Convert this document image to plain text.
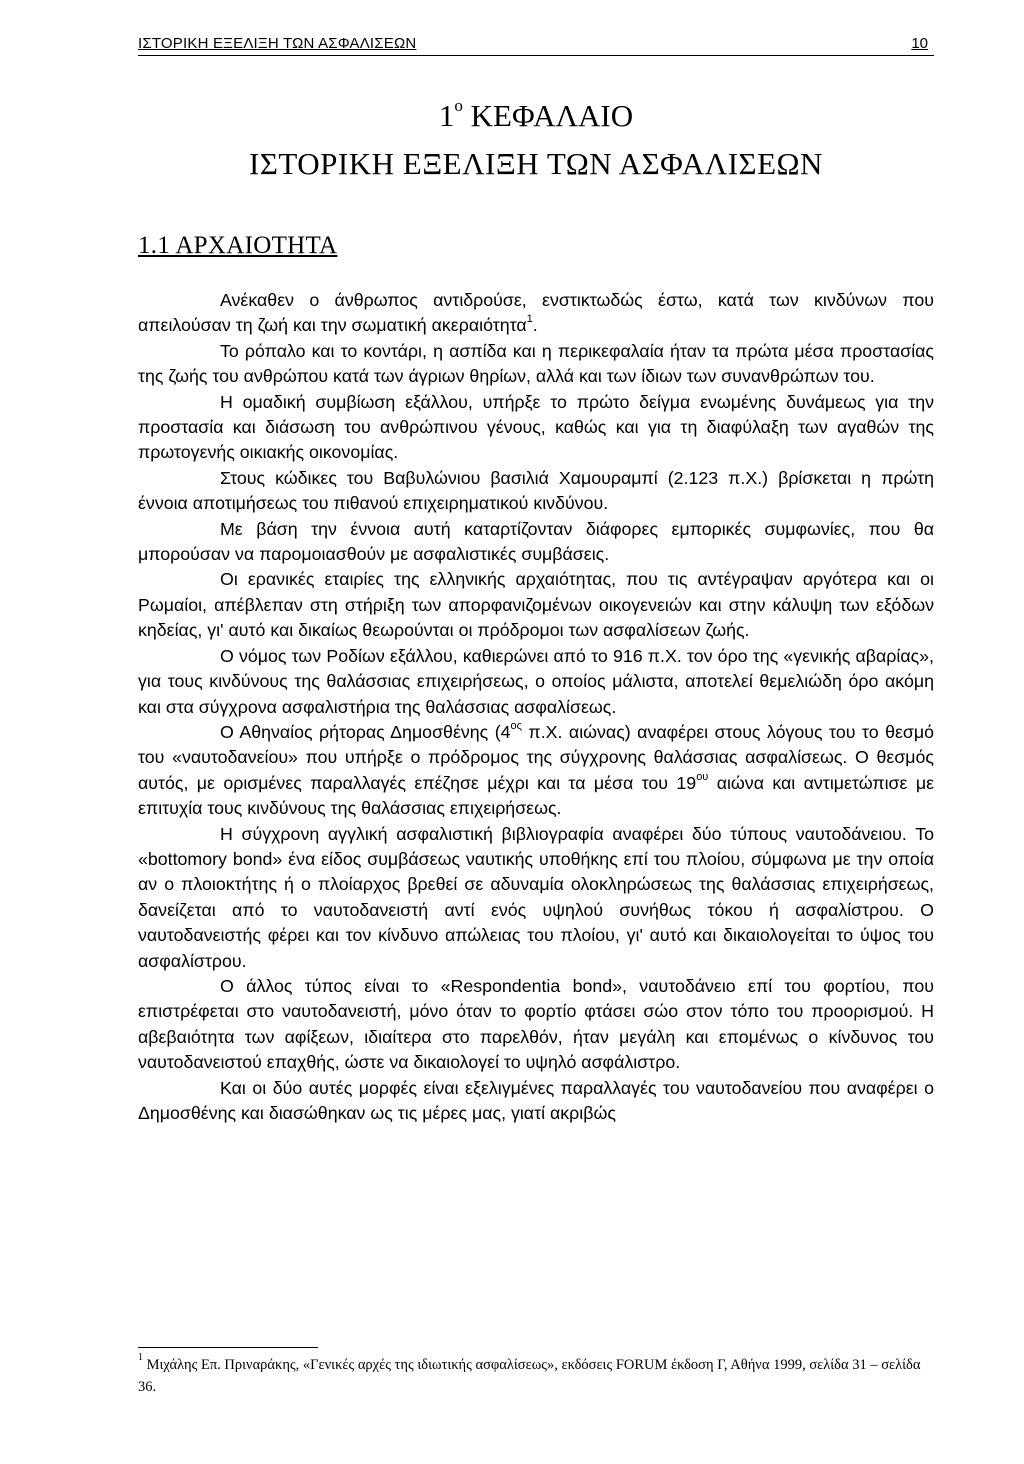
ΙΣΤΟΡΙΚΗ ΕΞΕΛΙΞΗ ΤΩΝ ΑΣΦΑΛΙΣΕΩΝ	10
$1^o$ ΚΕΦΑΛΑΙΟ
ΙΣΤΟΡΙΚΗ ΕΞΕΛΙΞΗ ΤΩΝ ΑΣΦΑΛΙΣΕΩΝ
1.1 ΑΡΧΑΙΟΤΗΤΑ

Ανέκαθεν ο άνθρωπος αντιδρούσε, ενστικτωδώς έστω, κατά των κινδύνων που απειλούσαν τη ζωή και την σωματική ακεραιότητα$^1$.

Το ρόπαλο και το κοντάρι, η ασπίδα και η περικεφαλαία ήταν τα πρώτα μέσα προστασίας της ζωής του ανθρώπου κατά των άγριων θηρίων, αλλά και των ίδιων των συνανθρώπων του.

Η ομαδική συμβίωση εξάλλου, υπήρξε το πρώτο δείγμα ενωμένης δυνάμεως για την προστασία και διάσωση του ανθρώπινου γένους, καθώς και για τη διαφύλαξη των αγαθών της πρωτογενής οικιακής οικονομίας.

Στους κώδικες του Βαβυλώνιου βασιλιά Χαμουραμπί (2.123 π.Χ.) βρίσκεται η πρώτη έννοια αποτιμήσεως του πιθανού επιχειρηματικού κινδύνου.

Με βάση την έννοια αυτή καταρτίζονταν διάφορες εμπορικές συμφωνίες, που θα μπορούσαν να παρομοιασθούν με ασφαλιστικές συμβάσεις.

Οι ερανικές εταιρίες της ελληνικής αρχαιότητας, που τις αντέγραψαν αργότερα και οι Ρωμαίοι, απέβλεπαν στη στήριξη των απορφανιζομένων οικογενειών και στην κάλυψη των εξόδων κηδείας, γι' αυτό και δικαίως θεωρούνται οι πρόδρομοι των ασφαλίσεων ζωής.

Ο νόμος των Ροδίων εξάλλου, καθιερώνει από το 916 π.Χ. τον όρο της «γενικής αβαρίας», για τους κινδύνους της θαλάσσιας επιχειρήσεως, ο οποίος μάλιστα, αποτελεί θεμελιώδη όρο ακόμη και στα σύγχρονα ασφαλιστήρια της θαλάσσιας ασφαλίσεως.

Ο Αθηναίος ρήτορας Δημοσθένης ($4^{o\varsigma}$ π.Χ. αιώνας) αναφέρει στους λόγους του το θεσμό του «ναυτοδανείου» που υπήρξε ο πρόδρομος της σύγχρονης θαλάσσιας ασφαλίσεως. Ο θεσμός αυτός, με ορισμένες παραλλαγές επέζησε μέχρι και τα μέσα του $19^{o\upsilon}$ αιώνα και αντιμετώπισε με επιτυχία τους κινδύνους της θαλάσσιας επιχειρήσεως.

Η σύγχρονη αγγλική ασφαλιστική βιβλιογραφία αναφέρει δύο τύπους ναυτοδάνειου. Το «bottomory bond» ένα είδος συμβάσεως ναυτικής υποθήκης επί του πλοίου, σύμφωνα με την οποία αν ο πλοιοκτήτης ή ο πλοίαρχος βρεθεί σε αδυναμία ολοκληρώσεως της θαλάσσιας επιχειρήσεως, δανείζεται από το ναυτοδανειστή αντί ενός υψηλού συνήθως τόκου ή ασφαλίστρου. Ο ναυτοδανειστής φέρει και τον κίνδυνο απώλειας του πλοίου, γι' αυτό και δικαιολογείται το ύψος του ασφαλίστρου.

Ο άλλος τύπος είναι το «Respondentia bond», ναυτοδάνειο επί του φορτίου, που επιστρέφεται στο ναυτοδανειστή, μόνο όταν το φορτίο φτάσει σώο στον τόπο του προορισμού. Η αβεβαιότητα των αφίξεων, ιδιαίτερα στο παρελθόν, ήταν μεγάλη και επομένως ο κίνδυνος του ναυτοδανειστού επαχθής, ώστε να δικαιολογεί το υψηλό ασφάλιστρο.

Και οι δύο αυτές μορφές είναι εξελιγμένες παραλλαγές του ναυτοδανείου που αναφέρει ο Δημοσθένης και διασώθηκαν ως τις μέρες μας, γιατί ακριβώς

$^1$ Μιχάλης Επ. Πριναράκης, «Γενικές αρχές της ιδιωτικής ασφαλίσεως», εκδόσεις FORUM έκδοση Γ, Αθήνα 1999, σελίδα 31 – σελίδα 36.
